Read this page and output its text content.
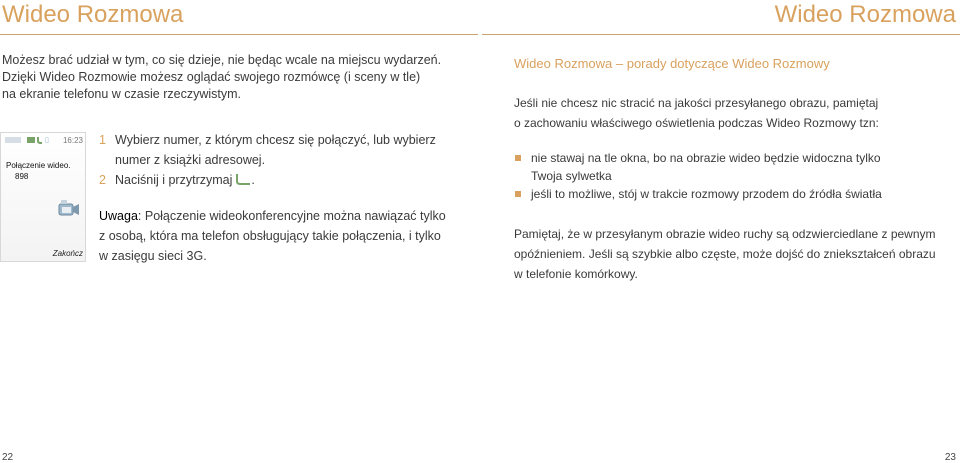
Wideo Rozmowa	Wideo Rozmowa

Możesz brać udział w tym, co się dzieje, nie będąc wcale na miejscu wydarzeń.

Dzięki Wideo Rozmowie możesz oglądać swojego rozmówcę (i sceny w tle)

na ekranie telefonu w czasie rzeczywistym.

▯ 16:23
Połączenie wideo.
898
Zakończ
1 Wybierz numer, z którym chcesz się połączyć, lub wybierz
numer z książki adresowej.
2 Naciśnij i przytrzymaj .
Uwaga: Połączenie wideokonferencyjne można nawiązać tylko
z osobą, która ma telefon obsługujący takie połączenia, i tylko
w zasięgu sieci 3G.
Wideo Rozmowa – porady dotyczące Wideo Rozmowy
Jeśli nie chcesz nic stracić na jakości przesyłanego obrazu, pamiętaj
o zachowaniu właściwego oświetlenia podczas Wideo Rozmowy tzn:
nie stawaj na tle okna, bo na obrazie wideo będzie widoczna tylko
Twoja sylwetka
jeśli to możliwe, stój w trakcie rozmowy przodem do źródła światła
Pamiętaj, że w przesyłanym obrazie wideo ruchy są odzwierciedlane z pewnym
opóźnieniem. Jeśli są szybkie albo częste, może dojść do zniekształceń obrazu
w telefonie komórkowy.
22	23
